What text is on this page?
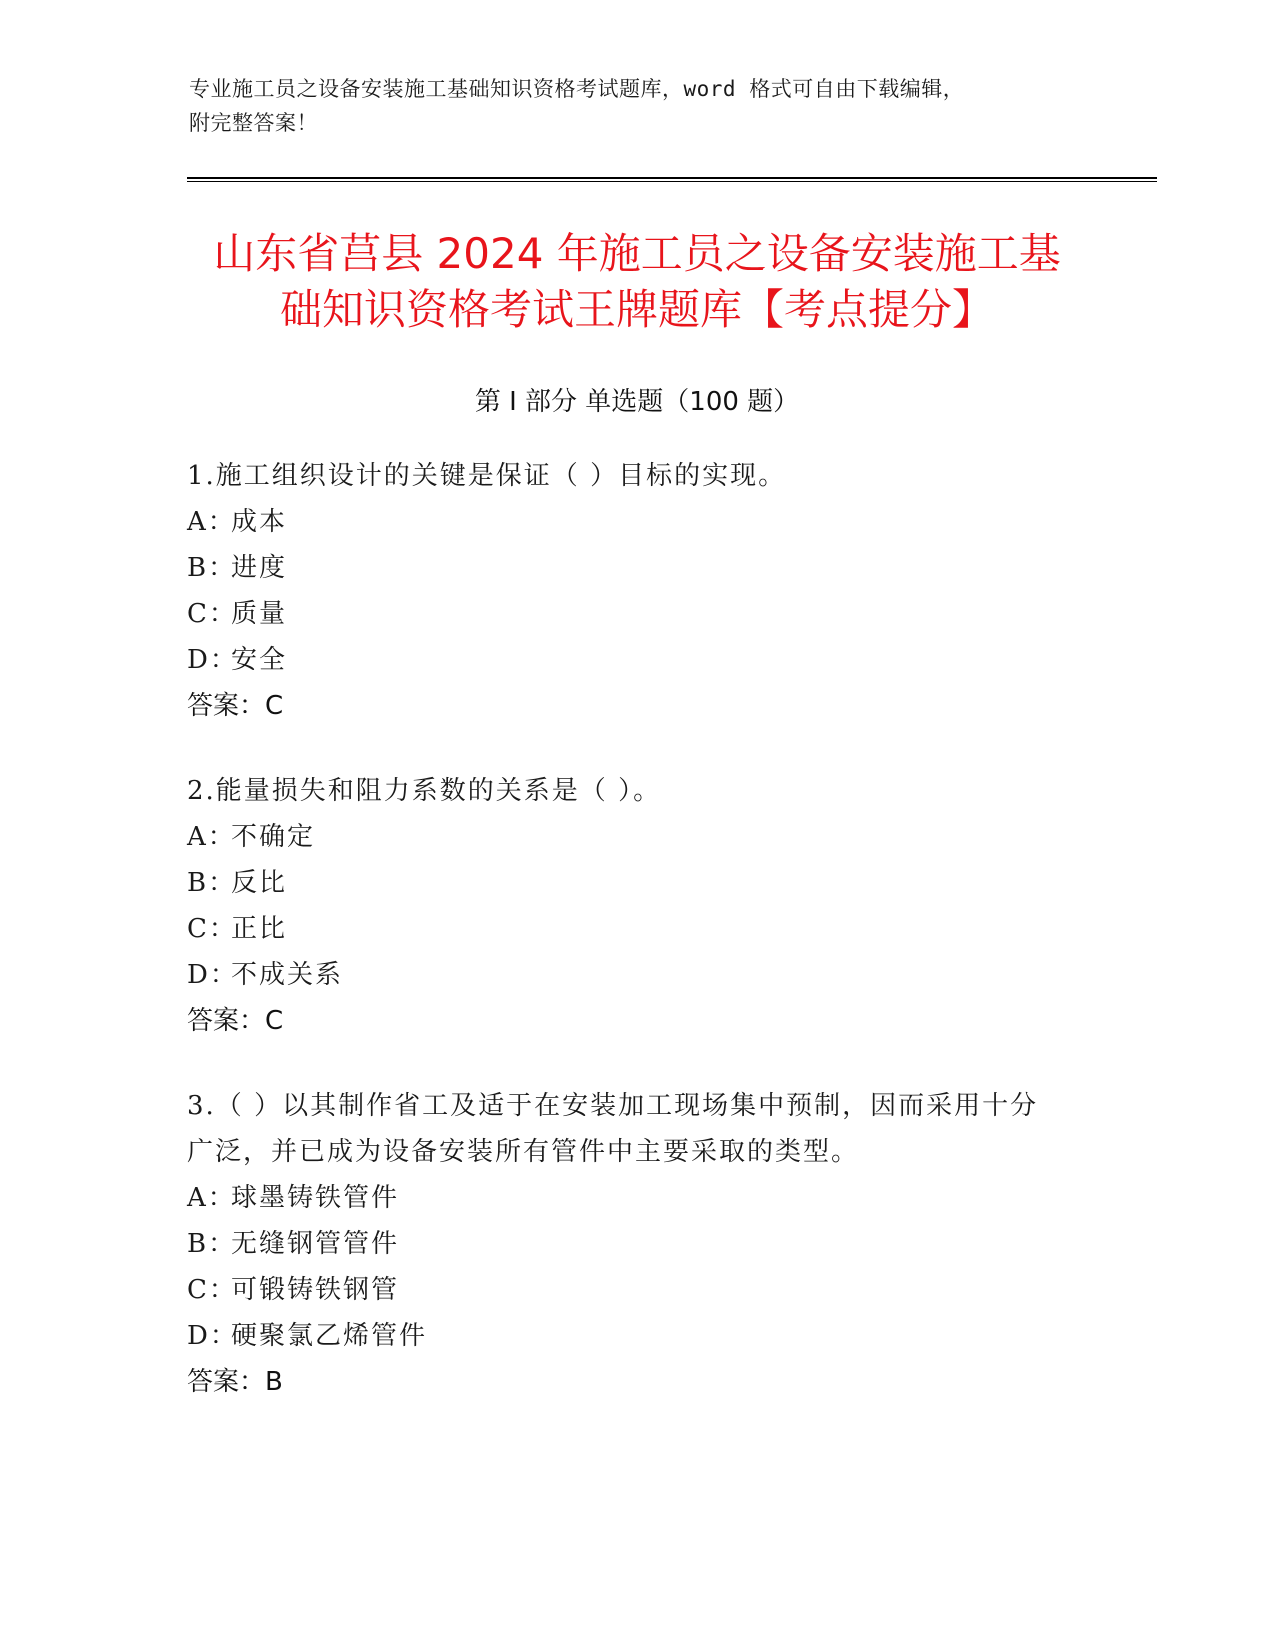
专业施工员之设备安装施工基础知识资格考试题库，word 格式可自由下载编辑，
附完整答案！
山东省莒县 2024 年施工员之设备安装施工基
础知识资格考试王牌题库【考点提分】
第 I 部分 单选题（100 题）

1.施工组织设计的关键是保证（ ）目标的实现。

A：
成本

B：
进度

C：
质量

D：
安全

答案：C

2.能量损失和阻力系数的关系是（ ）。

A：
不确定

B：
反比

C：
正比

D：
不成关系

答案：C

3.（ ）以其制作省工及适于在安装加工现场集中预制，因而采用十分

广泛，并已成为设备安装所有管件中主要采取的类型。

A：
球墨铸铁管件

B：
无缝钢管管件

C：
可锻铸铁钢管

D：
硬聚氯乙烯管件

答案：B
